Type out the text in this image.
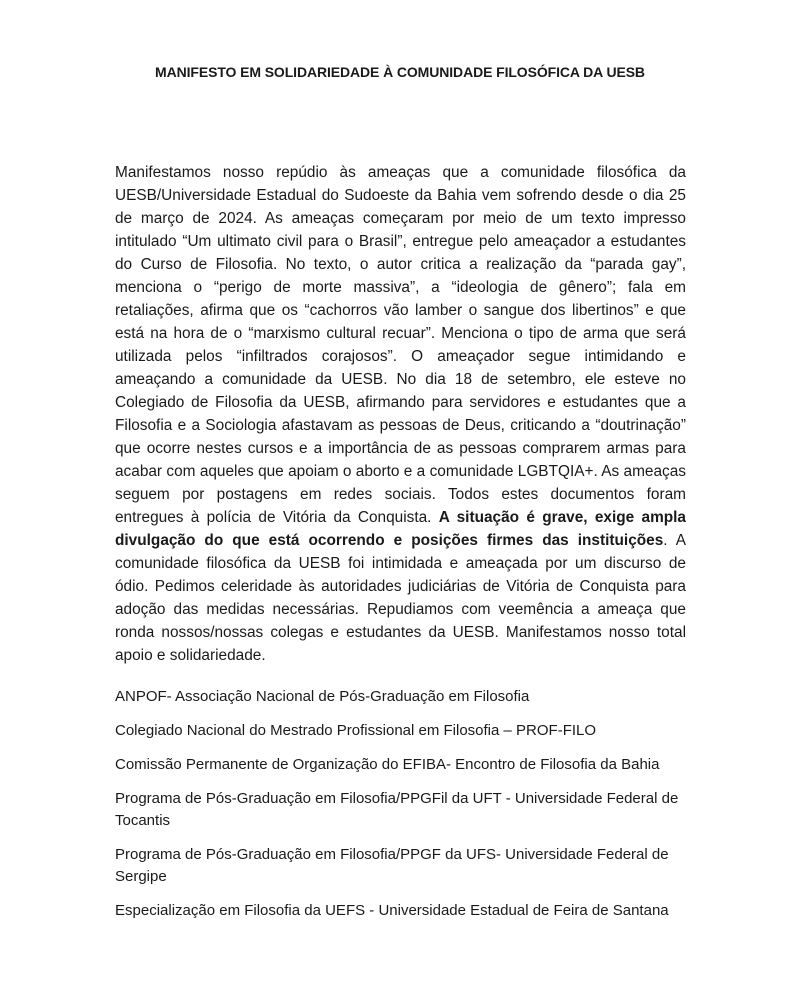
MANIFESTO EM SOLIDARIEDADE À COMUNIDADE FILOSÓFICA DA UESB
Manifestamos nosso repúdio às ameaças que a comunidade filosófica da UESB/Universidade Estadual do Sudoeste da Bahia vem sofrendo desde o dia 25 de março de 2024. As ameaças começaram por meio de um texto impresso intitulado “Um ultimato civil para o Brasil”, entregue pelo ameaçador a estudantes do Curso de Filosofia. No texto, o autor critica a realização da “parada gay”, menciona o “perigo de morte massiva”, a “ideologia de gênero”; fala em retaliações, afirma que os “cachorros vão lamber o sangue dos libertinos” e que está na hora de o “marxismo cultural recuar”. Menciona o tipo de arma que será utilizada pelos “infiltrados corajosos”. O ameaçador segue intimidando e ameaçando a comunidade da UESB. No dia 18 de setembro, ele esteve no Colegiado de Filosofia da UESB, afirmando para servidores e estudantes que a Filosofia e a Sociologia afastavam as pessoas de Deus, criticando a “doutrinação” que ocorre nestes cursos e a importância de as pessoas comprarem armas para acabar com aqueles que apoiam o aborto e a comunidade LGBTQIA+. As ameaças seguem por postagens em redes sociais. Todos estes documentos foram entregues à polícia de Vitória da Conquista. A situação é grave, exige ampla divulgação do que está ocorrendo e posições firmes das instituições. A comunidade filosófica da UESB foi intimidada e ameaçada por um discurso de ódio. Pedimos celeridade às autoridades judiciárias de Vitória de Conquista para adoção das medidas necessárias. Repudiamos com veemência a ameaça que ronda nossos/nossas colegas e estudantes da UESB. Manifestamos nosso total apoio e solidariedade.

ANPOF- Associação Nacional de Pós-Graduação em Filosofia

Colegiado Nacional do Mestrado Profissional em Filosofia – PROF-FILO

Comissão Permanente de Organização do EFIBA- Encontro de Filosofia da Bahia

Programa de Pós-Graduação em Filosofia/PPGFil da UFT - Universidade Federal de Tocantis

Programa de Pós-Graduação em Filosofia/PPGF da UFS- Universidade Federal de Sergipe

Especialização em Filosofia da UEFS - Universidade Estadual de Feira de Santana
